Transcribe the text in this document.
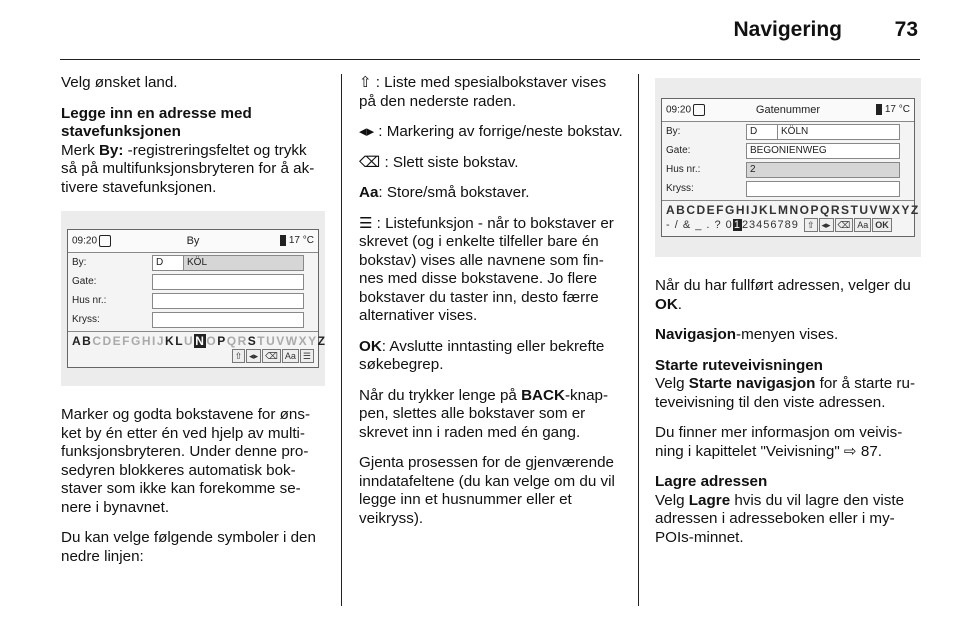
Navigering	73

Velg ønsket land.

Legge inn en adresse med stavefunksjonen

Merk By: -registreringsfeltet og trykk så på multifunksjonsbryteren for å aktivere stavefunksjonen.

09:20	By	17 °C
By:	D	KÖL
Gate:
Hus nr.:
Kryss:
ABCDEFGHIJKLUNOPQRSTUVWXYZ
⇧ ◂▸ ⌫ Aa ☰

Marker og godta bokstavene for ønsket by én etter én ved hjelp av multifunksjonsbryteren. Under denne prosedyren blokkeres automatisk bokstaver som ikke kan forekomme senere i bynavnet.

Du kan velge følgende symboler i den nedre linjen:

⇧ : Liste med spesialbokstaver vises på den nederste raden.

◂▸ : Markering av forrige/neste bokstav.

⌫ : Slett siste bokstav.

Aa: Store/små bokstaver.

☰ : Listefunksjon - når to bokstaver er skrevet (og i enkelte tilfeller bare én bokstav) vises alle navnene som finnes med disse bokstavene. Jo flere bokstaver du taster inn, desto færre alternativer vises.

OK: Avslutte inntasting eller bekrefte søkebegrep.

Når du trykker lenge på BACK-knappen, slettes alle bokstaver som er skrevet inn i raden med én gang.

Gjenta prosessen for de gjenværende inndatafeltene (du kan velge om du vil legge inn et husnummer eller et veikryss).

09:20	Gatenummer	17 °C
By:	D	KÖLN
Gate:	BEGONIENWEG
Hus nr.:	2
Kryss:
ABCDEFGHIJKLMNOPQRSTUVWXYZ
- / & _ . ? 0123456789 ⇧ ◂▸ ⌫ Aa OK

Når du har fullført adressen, velger du OK.

Navigasjon-menyen vises.

Starte ruteveivisningen

Velg Starte navigasjon for å starte ruteveivisning til den viste adressen.

Du finner mer informasjon om veivisning i kapittelet "Veivisning" ⇨ 87.

Lagre adressen

Velg Lagre hvis du vil lagre den viste adressen i adresseboken eller i my-POIs-minnet.
